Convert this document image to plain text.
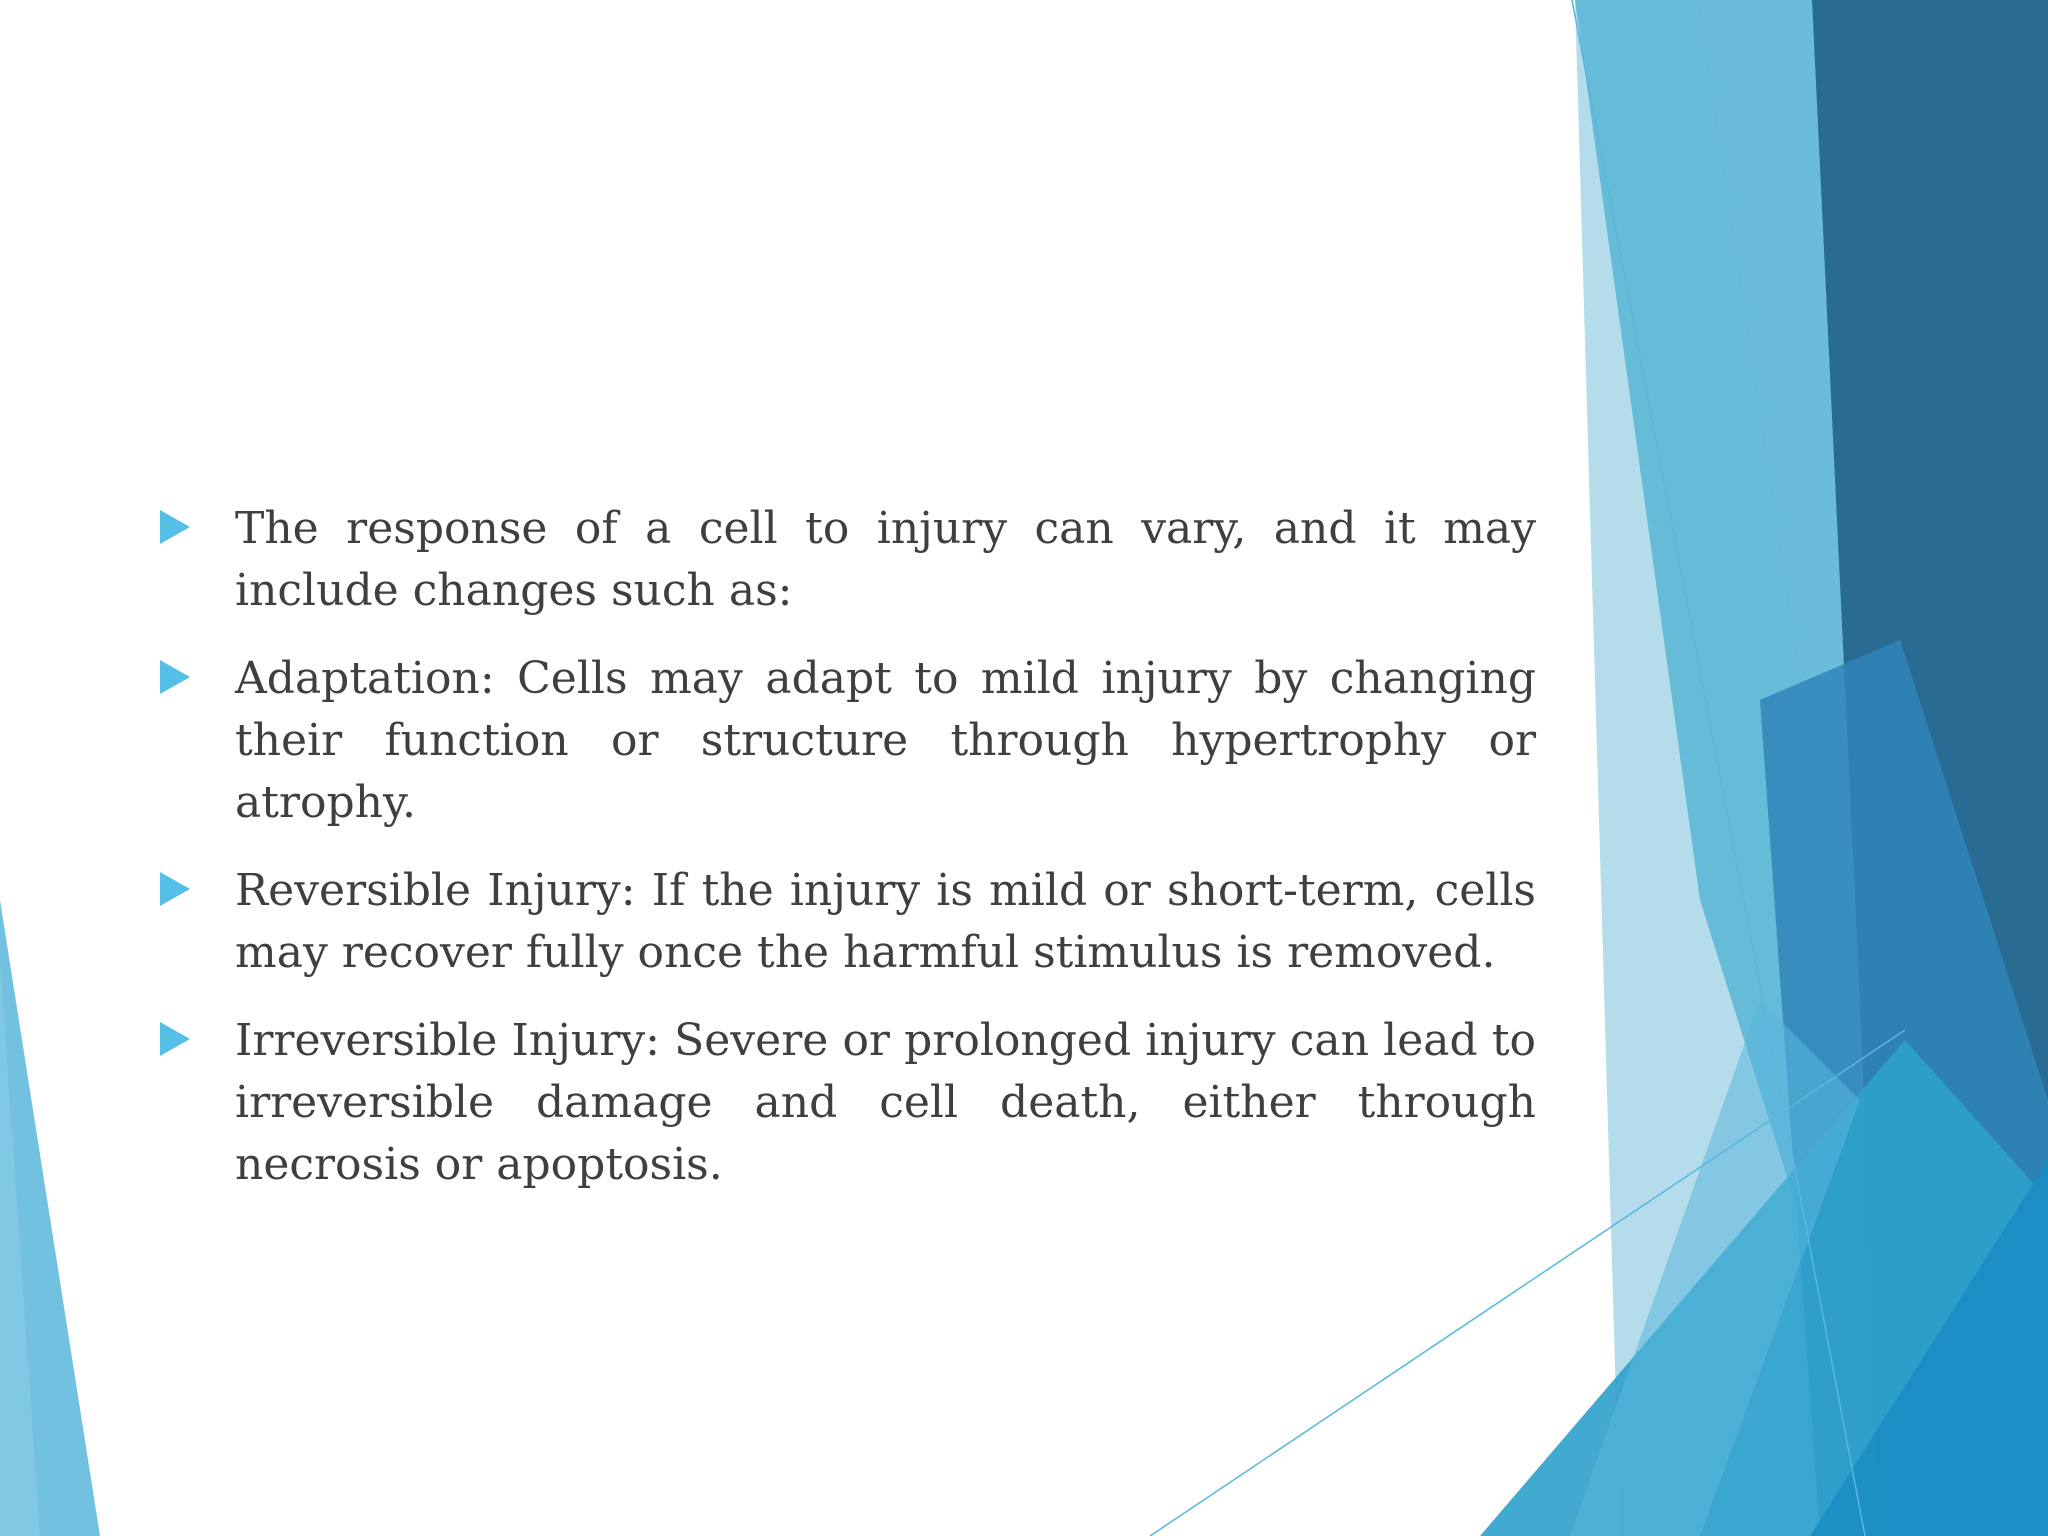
The response of a cell to injury can vary, and it may include changes such as:
Adaptation: Cells may adapt to mild injury by changing their function or structure through hypertrophy or atrophy.
Reversible Injury: If the injury is mild or short-term, cells may recover fully once the harmful stimulus is removed.
Irreversible Injury: Severe or prolonged injury can lead to irreversible damage and cell death, either through necrosis or apoptosis.
